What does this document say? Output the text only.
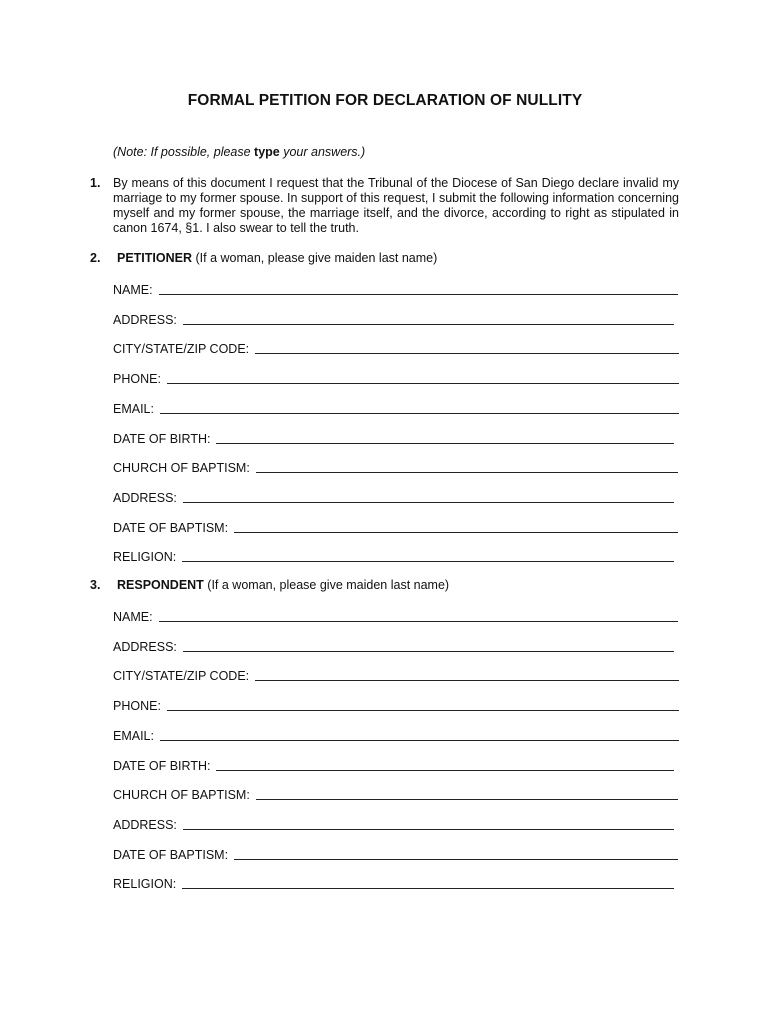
FORMAL PETITION FOR DECLARATION OF NULLITY
(Note: If possible, please type your answers.)
1. By means of this document I request that the Tribunal of the Diocese of San Diego declare invalid my marriage to my former spouse. In support of this request, I submit the following information concerning myself and my former spouse, the marriage itself, and the divorce, according to right as stipulated in canon 1674, §1. I also swear to tell the truth.
2. PETITIONER (If a woman, please give maiden last name)
NAME:
ADDRESS:
CITY/STATE/ZIP CODE:
PHONE:
EMAIL:
DATE OF BIRTH:
CHURCH OF BAPTISM:
ADDRESS:
DATE OF BAPTISM:
RELIGION:
3. RESPONDENT (If a woman, please give maiden last name)
NAME:
ADDRESS:
CITY/STATE/ZIP CODE:
PHONE:
EMAIL:
DATE OF BIRTH:
CHURCH OF BAPTISM:
ADDRESS:
DATE OF BAPTISM:
RELIGION:
